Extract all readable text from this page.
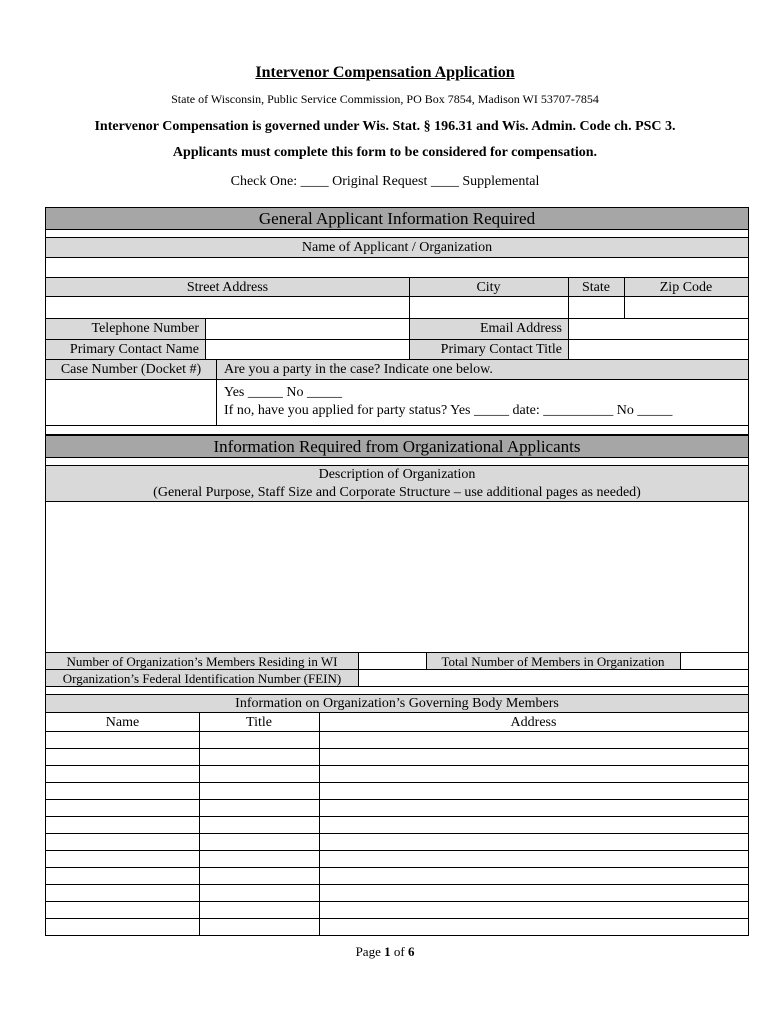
Intervenor Compensation Application
State of Wisconsin, Public Service Commission, PO Box 7854, Madison WI 53707-7854
Intervenor Compensation is governed under Wis. Stat. § 196.31 and Wis. Admin. Code ch. PSC 3.
Applicants must complete this form to be considered for compensation.
Check One: ____ Original Request ____ Supplemental
General Applicant Information Required
Name of Applicant / Organization
Street Address	City	State	Zip Code
Telephone Number	Email Address
Primary Contact Name	Primary Contact Title
Case Number (Docket #)	Are you a party in the case? Indicate one below.
Yes _____ No _____
If no, have you applied for party status? Yes _____ date: __________ No _____
Information Required from Organizational Applicants
Description of Organization
(General Purpose, Staff Size and Corporate Structure – use additional pages as needed)
Number of Organization’s Members Residing in WI	Total Number of Members in Organization
Organization’s Federal Identification Number (FEIN)
Information on Organization’s Governing Body Members
Name	Title	Address
Page 1 of 6
